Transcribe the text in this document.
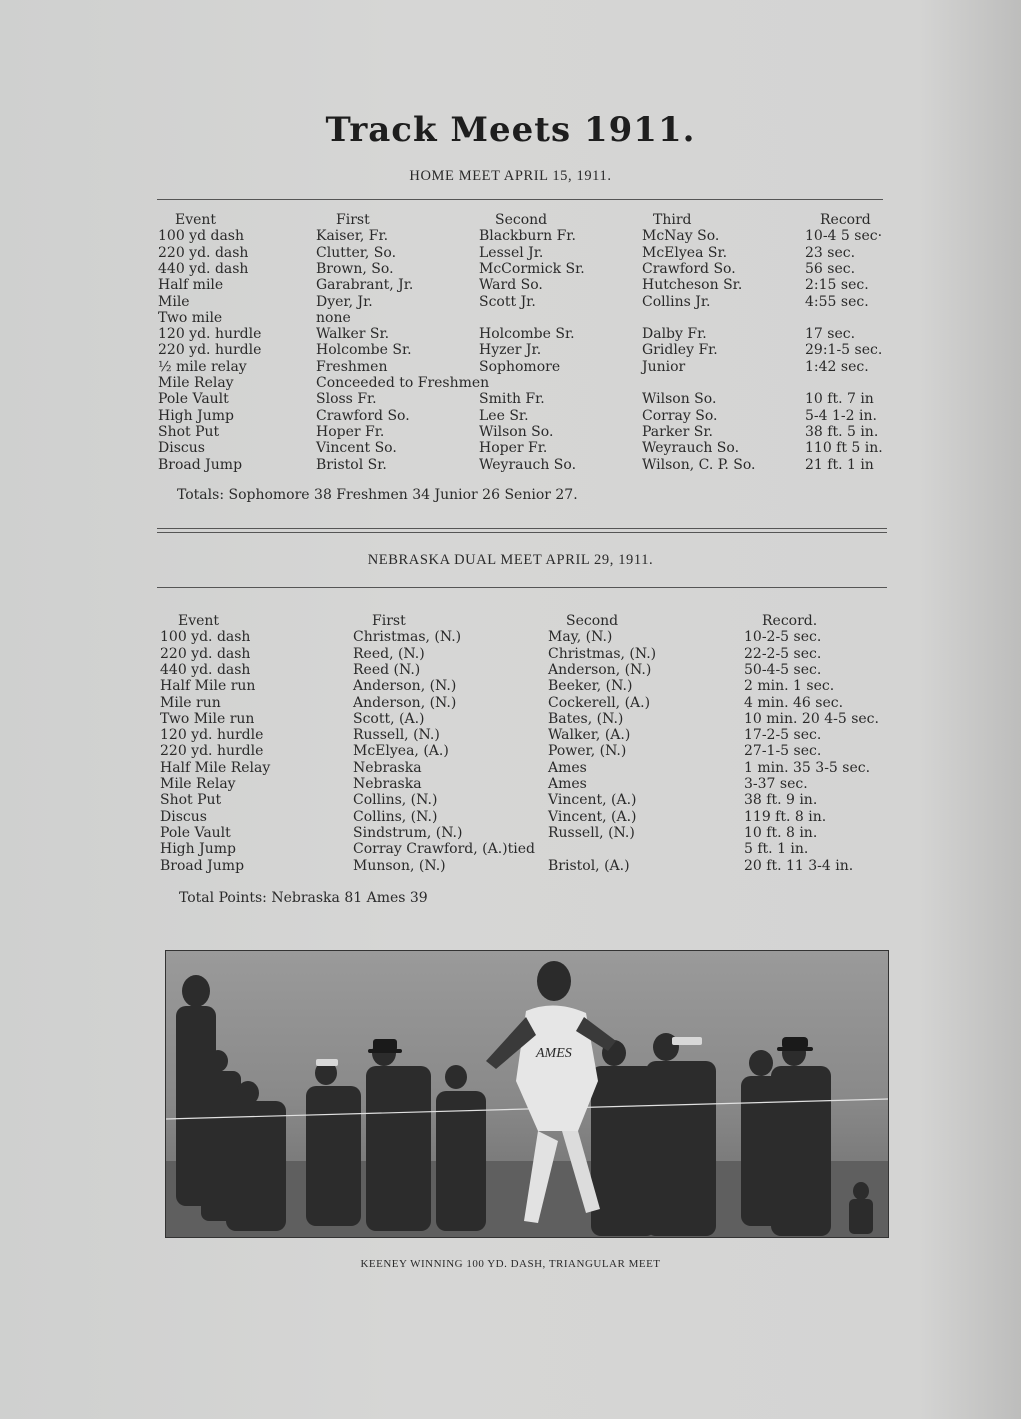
Track Meets 1911.
HOME MEET APRIL 15, 1911.
Event	First	Second	Third	Record
100 yd dash	Kaiser, Fr.	Blackburn Fr.	McNay So.	10-4 5 sec·
220 yd. dash	Clutter, So.	Lessel Jr.	McElyea Sr.	23 sec.
440 yd. dash	Brown, So.	McCormick Sr.	Crawford So.	56 sec.
Half mile	Garabrant, Jr.	Ward So.	Hutcheson Sr.	2:15 sec.
Mile	Dyer, Jr.	Scott Jr.	Collins Jr.	4:55 sec.
Two mile	none
120 yd. hurdle	Walker Sr.	Holcombe Sr.	Dalby Fr.	17 sec.
220 yd. hurdle	Holcombe Sr.	Hyzer Jr.	Gridley Fr.	29:1-5 sec.
½ mile relay	Freshmen	Sophomore	Junior	1:42 sec.
Mile Relay	Conceeded to Freshmen
Pole Vault	Sloss Fr.	Smith Fr.	Wilson So.	10 ft. 7 in
High Jump	Crawford So.	Lee Sr.	Corray So.	5-4 1-2 in.
Shot Put	Hoper Fr.	Wilson So.	Parker Sr.	38 ft. 5 in.
Discus	Vincent So.	Hoper Fr.	Weyrauch So.	110 ft 5 in.
Broad Jump	Bristol Sr.	Weyrauch So.	Wilson, C. P. So.	21 ft. 1 in
Totals: Sophomore 38 Freshmen 34 Junior 26 Senior 27.
NEBRASKA DUAL MEET APRIL 29, 1911.
Event	First	Second	Record.
100 yd. dash	Christmas, (N.)	May, (N.)	10-2-5 sec.
220 yd. dash	Reed, (N.)	Christmas, (N.)	22-2-5 sec.
440 yd. dash	Reed (N.)	Anderson, (N.)	50-4-5 sec.
Half Mile run	Anderson, (N.)	Beeker, (N.)	2 min. 1 sec.
Mile run	Anderson, (N.)	Cockerell, (A.)	4 min. 46 sec.
Two Mile run	Scott, (A.)	Bates, (N.)	10 min. 20 4-5 sec.
120 yd. hurdle	Russell, (N.)	Walker, (A.)	17-2-5 sec.
220 yd. hurdle	McElyea, (A.)	Power, (N.)	27-1-5 sec.
Half Mile Relay	Nebraska	Ames	1 min. 35 3-5 sec.
Mile Relay	Nebraska	Ames	3-37 sec.
Shot Put	Collins, (N.)	Vincent, (A.)	38 ft. 9 in.
Discus	Collins, (N.)	Vincent, (A.)	119 ft. 8 in.
Pole Vault	Sindstrum, (N.)	Russell, (N.)	10 ft. 8 in.
High Jump	Corray Crawford, (A.)tied	5 ft. 1 in.
Broad Jump	Munson, (N.)	Bristol, (A.)	20 ft. 11 3-4 in.
Total Points: Nebraska 81 Ames 39
AMES
KEENEY WINNING 100 YD. DASH, TRIANGULAR MEET
